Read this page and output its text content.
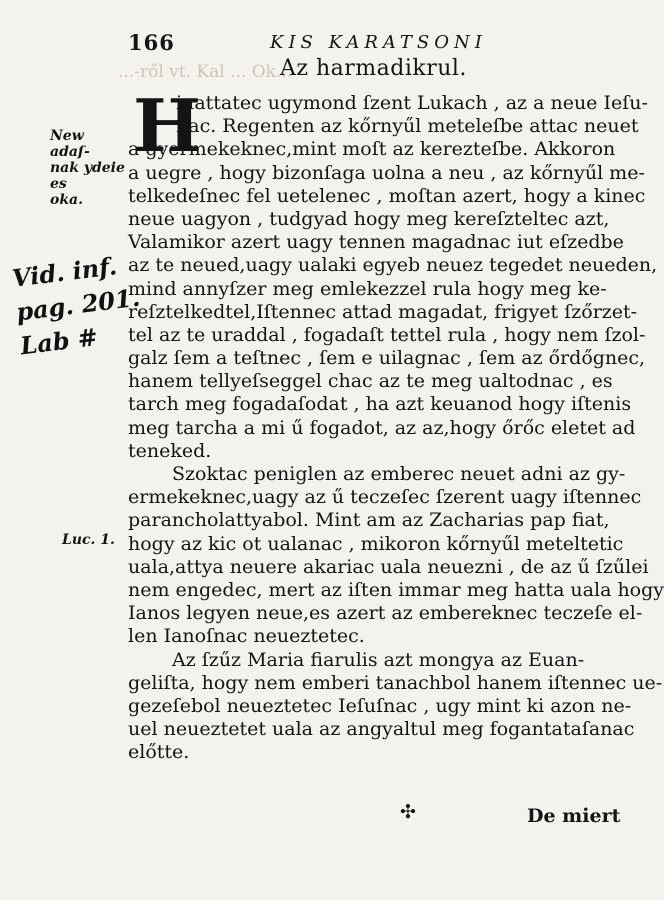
...-ről vt. Kal ... Ok...
166	KIS KARATSONI
Az harmadikrul.
H
iuattatec ugymond ſzent Lukach , az a neue Ieſu-
nac. Regenten az kőrnyűl meteleſbe attac neuet
a gyermekeknec,mint moſt az kerezteſbe. Akkoron
a uegre , hogy bizonſaga uolna a neu , az kőrnyűl me-
telkedeſnec fel uetelenec , moſtan azert, hogy a kinec
neue uagyon , tudgyad hogy meg kereſzteltec azt,
Valamikor azert uagy tennen magadnac iut eſzedbe
az te neued,uagy ualaki egyeb neuez tegedet neueden,
mind annyſzer meg emlekezzel rula hogy meg ke-
reſztelkedtel,Iſtennec attad magadat, frigyet ſzőrzet-
tel az te uraddal , fogadaſt tettel rula , hogy nem ſzol-
galz ſem a teſtnec , ſem e uilagnac , ſem az őrdőgnec,
hanem tellyeſseggel chac az te meg ualtodnac , es
tarch meg fogadaſodat , ha azt keuanod hogy iſtenis
meg tarcha a mi ű fogadot, az az,hogy őrőc eletet ad
teneked.
Szoktac peniglen az emberec neuet adni az gy-
ermekeknec,uagy az ű teczeſec ſzerent uagy iſtennec
parancholattyabol. Mint am az Zacharias pap fiat,
hogy az kic ot ualanac , mikoron kőrnyűl meteltetic
uala,attya neuere akariac uala neuezni , de az ű ſzűlei
nem engedec, mert az iſten immar meg hatta uala hogy
Ianos legyen neue,es azert az embereknec teczeſe el-
len Ianoſnac neueztetec.
Az ſzűz Maria fiarulis azt mongya az Euan-
geliſta, hogy nem emberi tanachbol hanem iſtennec ue-
gezeſebol neueztetec Ieſuſnac , ugy mint ki azon ne-
uel neueztetet uala az angyaltul meg fogantataſanac
előtte.
✣	De miert
New adaſ-
nak ydeie es
oka.
Luc. 1.
Vid. inf.
pag. 201.
Lab #
